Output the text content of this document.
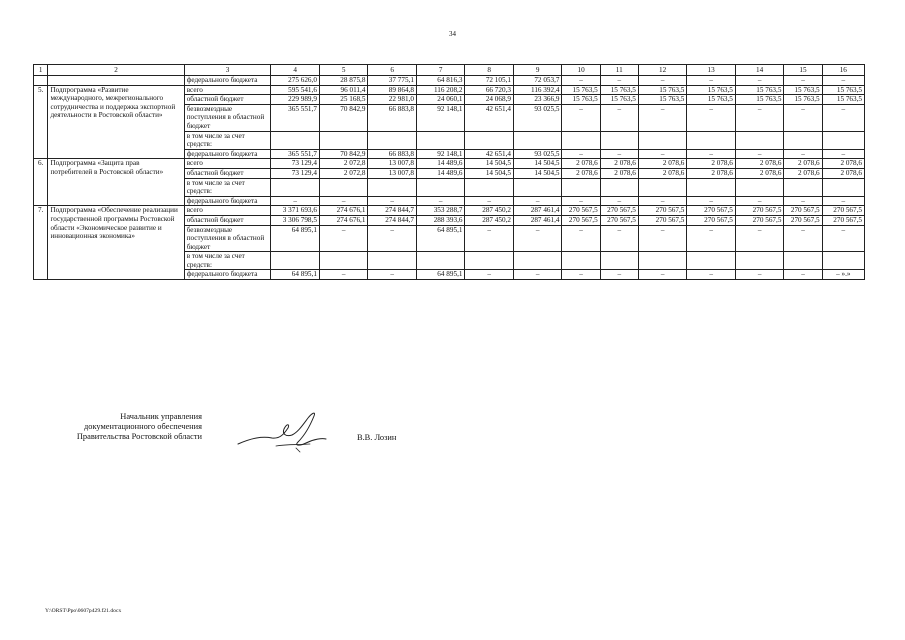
34
1	2	3	4	5	6	7	8	9	10	11	12	13	14	15	16
		федерального бюджета	275 626,0	28 875,8	37 775,1	64 816,3	72 105,1	72 053,7	–	–	–	–	–	–	–
5.	Подпрограмма «Развитие международного, межрегионального сотрудничества и поддержка экспортной деятельности в Ростовской области»	всего	595 541,6	96 011,4	89 864,8	116 208,2	66 720,3	116 392,4	15 763,5	15 763,5	15 763,5	15 763,5	15 763,5	15 763,5	15 763,5
		областной бюджет	229 989,9	25 168,5	22 981,0	24 060,1	24 068,9	23 366,9	15 763,5	15 763,5	15 763,5	15 763,5	15 763,5	15 763,5	15 763,5
		безвозмездные поступления в областной бюджет	365 551,7	70 842,9	66 883,8	92 148,1	42 651,4	93 025,5	–	–	–	–	–	–	–
		в том числе за счет средств:													
		федерального бюджета	365 551,7	70 842,9	66 883,8	92 148,1	42 651,4	93 025,5	–	–	–	–	–	–	–
6.	Подпрограмма «Защита прав потребителей в Ростовской области»	всего	73 129,4	2 072,8	13 007,8	14 489,6	14 504,5	14 504,5	2 078,6	2 078,6	2 078,6	2 078,6	2 078,6	2 078,6	2 078,6
		областной бюджет	73 129,4	2 072,8	13 007,8	14 489,6	14 504,5	14 504,5	2 078,6	2 078,6	2 078,6	2 078,6	2 078,6	2 078,6	2 078,6
		в том числе за счет средств:													
		федерального бюджета	–	–	–	–	–	–	–	–	–	–	–	–	–
7.	Подпрограмма «Обеспечение реализации государственной программы Ростовской области «Экономическое развитие и инновационная экономика»	всего	3 371 693,6	274 676,1	274 844,7	353 288,7	287 450,2	287 461,4	270 567,5	270 567,5	270 567,5	270 567,5	270 567,5	270 567,5	270 567,5
		областной бюджет	3 306 798,5	274 676,1	274 844,7	288 393,6	287 450,2	287 461,4	270 567,5	270 567,5	270 567,5	270 567,5	270 567,5	270 567,5	270 567,5
		безвозмездные поступления в областной бюджет	64 895,1	–	–	64 895,1	–	–	–	–	–	–	–	–	–
		в том числе за счет средств:													
		федерального бюджета	64 895,1	–	–	64 895,1	–	–	–	–	–	–	–	–	– ».»
Начальник управления
документационного обеспечения
Правительства Ростовской области	В.В. Лозин
Y:\ORST\Ppo\0607p429.f21.docx
